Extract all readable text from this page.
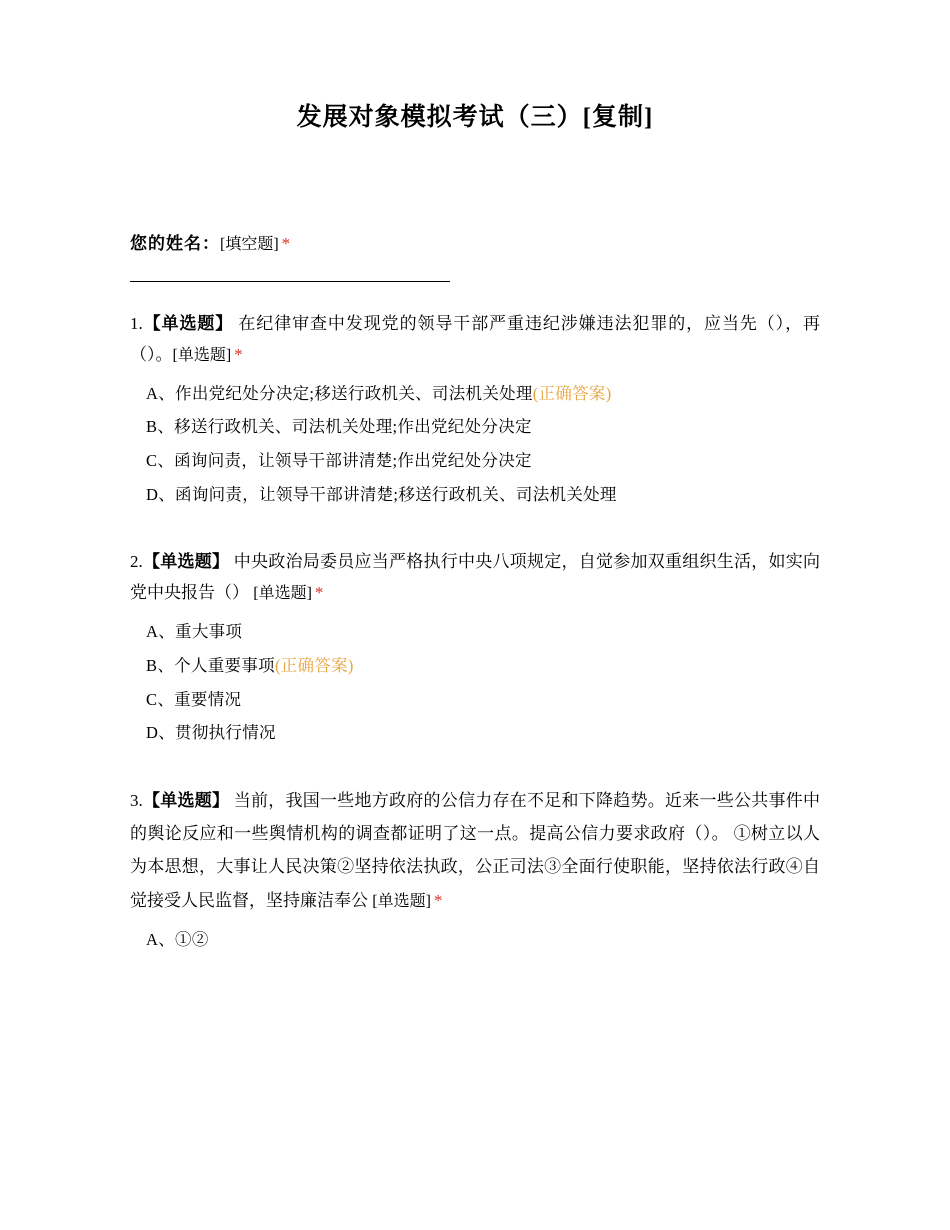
发展对象模拟考试（三）[复制]
您的姓名：[填空题] *
1.【单选题】 在纪律审查中发现党的领导干部严重违纪涉嫌违法犯罪的，应当先（），再（）。[单选题] *
A、作出党纪处分决定;移送行政机关、司法机关处理(正确答案)
B、移送行政机关、司法机关处理;作出党纪处分决定
C、函询问责，让领导干部讲清楚;作出党纪处分决定
D、函询问责，让领导干部讲清楚;移送行政机关、司法机关处理
2.【单选题】 中央政治局委员应当严格执行中央八项规定，自觉参加双重组织生活，如实向党中央报告（） [单选题] *
A、重大事项
B、个人重要事项(正确答案)
C、重要情况
D、贯彻执行情况
3.【单选题】 当前，我国一些地方政府的公信力存在不足和下降趋势。近来一些公共事件中的舆论反应和一些舆情机构的调查都证明了这一点。提高公信力要求政府（）。 ①树立以人为本思想，大事让人民决策②坚持依法执政，公正司法③全面行使职能，坚持依法行政④自觉接受人民监督，坚持廉洁奉公 [单选题] *
A、①②
